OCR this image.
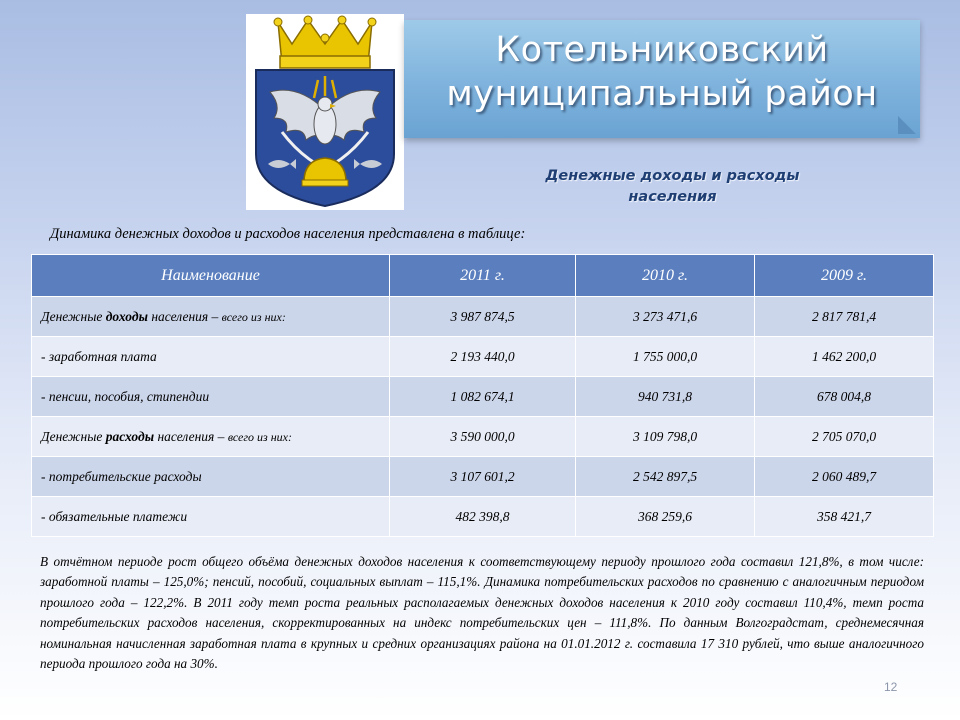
Котельниковский
муниципальный район
Денежные доходы и расходы
населения
Динамика денежных доходов и расходов населения представлена в таблице:
Наименование	2011 г.	2010 г.	2009 г.
Денежные доходы населения – всего из них:	3 987 874,5	3 273 471,6	2 817 781,4
- заработная плата	2 193 440,0	1 755 000,0	1 462 200,0
- пенсии, пособия, стипендии	1 082 674,1	940 731,8	678 004,8
Денежные расходы населения – всего из них:	3 590 000,0	3 109 798,0	2 705 070,0
- потребительские расходы	3 107 601,2	2 542 897,5	2 060 489,7
- обязательные платежи	482 398,8	368 259,6	358 421,7
В отчётном периоде рост общего объёма денежных доходов населения к соответствующему периоду прошлого года составил 121,8%, в том числе: заработной платы – 125,0%; пенсий, пособий, социальных выплат – 115,1%. Динамика потребительских расходов по сравнению с аналогичным периодом прошлого года – 122,2%. В 2011 году темп роста реальных располагаемых денежных доходов населения к 2010 году составил 110,4%, темп роста потребительских расходов населения, скорректированных на индекс потребительских цен – 111,8%. По данным Волгоградстат, среднемесячная номинальная начисленная заработная плата в крупных и средних организациях района на 01.01.2012 г. составила 17 310 рублей, что выше аналогичного периода прошлого года на 30%.
12
